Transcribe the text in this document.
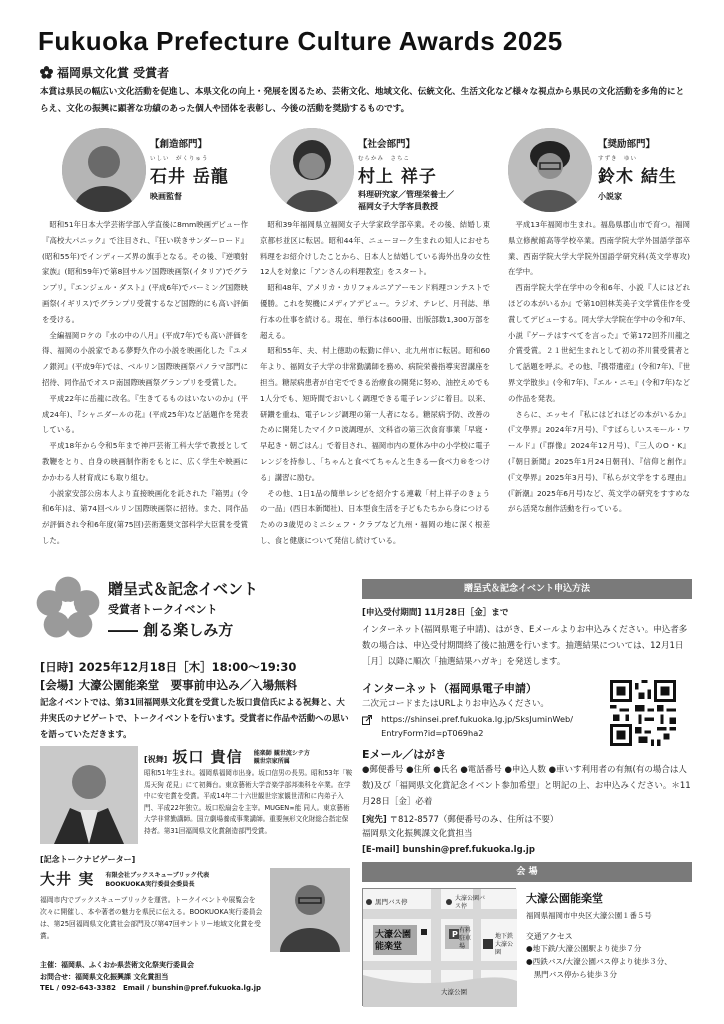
Fukuoka Prefecture Culture Awards 2025
福岡県文化賞 受賞者
本賞は県民の幅広い文化活動を促進し、本県文化の向上・発展を図るため、芸術文化、地域文化、伝統文化、生活文化など様々な視点から県民の文化活動を多角的にとらえ、文化の振興に顕著な功績のあった個人や団体を表彰し、今後の活動を奨励するものです。
【創造部門】
いしい　がくりゅう
石井 岳龍
映画監督

昭和51年日本大学芸術学部入学直後に8mm映画デビュー作『高校大パニック』で注目され、『狂い咲きサンダーロード』(昭和55年)でインディーズ界の旗手となる。その後、『逆噴射家族』(昭和59年)で第8回サルソ国際映画祭(イタリア)でグランプリ。『エンジェル・ダスト』(平成6年)でバーミング国際映画祭(イギリス)でグランプリ受賞するなど国際的にも高い評価を受ける。

全編福岡ロケの『水の中の八月』(平成7年)でも高い評価を得、福岡の小説家である夢野久作の小説を映画化した『ユメノ銀河』(平成9年)では、ベルリン国際映画祭パノラマ部門に招待、同作品でオスロ南国際映画祭グランプリを受賞した。

平成22年に岳龍に改名。『生きてるものはいないのか』(平成24年)、『シャニダールの花』(平成25年)など話題作を発表している。

平成18年から令和5年まで神戸芸術工科大学で教授として教鞭をとり、自身の映画制作術をもとに、広く学生や映画にかかわる人材育成にも取り組む。

小説家安部公房本人より直接映画化を託された『箱男』(令和6年)は、第74回ベルリン国際映画祭に招待。また、同作品が評価され令和6年度(第75回)芸術選奨文部科学大臣賞を受賞した。

【社会部門】
むらかみ　さちこ
村上 祥子
料理研究家／管理栄養士／
福岡女子大学客員教授

昭和39年福岡県立福岡女子大学家政学部卒業。その後、結婚し東京都杉並区に転居。昭和44年、ニューヨーク生まれの知人におせち料理をお紹介けしたことから、日本人と結婚している海外出身の女性12人を対象に「アンさんの料理教室」をスタート。

昭和48年、アメリカ・カリフォルニアアーモンド料理コンテストで優勝。これを契機にメディアデビュー。ラジオ、テレビ、月刊誌、単行本の仕事を続ける。現在、単行本は600冊、出版部数1,300万部を超える。

昭和55年、夫、村上徳助の転勤に伴い、北九州市に転居。昭和60年より、福岡女子大学の非常勤講師を務め、病院栄養指導実習講座を担当。糖尿病患者が自宅でできる治療食の開発に努め、油控えめでも1人分でも、短時間でおいしく調理できる電子レンジに着目。以来、研鑽を重ね、電子レンジ調理の第一人者になる。糖尿病予防、改善のために開発したマイクロ波調理が、文科省の第三次食育事業「早寝・早起き・朝ごはん」で着目され、福岡市内の夏休み中の小学校に電子レンジを持参し、「ちゃんと食べてちゃんと生きる―食べ力®をつける」講習に励む。

その他、1日1品の簡単レシピを紹介する連載「村上祥子のきょうの一品」(西日本新聞社)、日本型食生活を子どもたちから身につけるための3歳児のミニシェフ・クラブなど九州・福岡の地に深く根差し、食と健康について発信し続けている。

【奨励部門】
すずき　ゆい
鈴木 結生
小説家

平成13年福岡市生まれ。福島県郡山市で育つ。福岡県立修猷館高等学校卒業。西南学院大学外国語学部卒業、西南学院大学大学院外国語学研究科(英文学専攻)在学中。

西南学院大学在学中の令和6年、小説『人にはどれほどの本がいるか』で第10回林芙美子文学賞佳作を受賞してデビューする。同大学大学院在学中の令和7年、小説『ゲーテはすべてを言った』で第172回芥川龍之介賞受賞。２１世紀生まれとして初の芥川賞受賞者として話題を呼ぶ。その他、『携帯遺産』(令和7年)、『世界文学散歩』(令和7年)、『エル・ニモ』(令和7年)などの作品を発表。

さらに、エッセイ『私にはどれほどの本がいるか』(『文學界』2024年7月号)、『すばらしいスモール・ワールド』(『群像』2024年12月号)、『三人のO・K』(『朝日新聞』2025年1月24日朝刊)、『信仰と創作』(『文學界』2025年3月号)、『私らが文学をする理由』(『新潮』2025年6月号)など、英文学の研究をすすめながら活発な創作活動を行っている。

贈呈式＆記念イベント
受賞者トークイベント
―― 創る楽しみ方
[日時] 2025年12月18日［木］18:00～19:30
[会場] 大濠公園能楽堂　要事前申込み／入場無料
記念イベントでは、第31回福岡県文化賞を受賞した坂口貴信氏による祝舞と、大井実氏のナビゲートで、トークイベントを行います。受賞者に作品や活動への思いを語っていただきます。
[祝舞] 坂口 貴信 能楽師 観世流シテ方
観世宗家所属
昭和51年生まれ。福岡県福岡市出身。坂口信男の長男。昭和53年「鞍馬天狗 花見」にて初舞台。東京藝術大学音楽学部邦楽科を卒業。在学中に安宅賞を受賞。平成14年二十六世観世宗家観世清和に内弟子入門、平成22年独立。坂口松扇会を主宰。MUGEN∞能 同人。東京藝術大学非常勤講師。国立劇場養成事業講師。重要無形文化財総合指定保持者。第31回福岡県文化賞創造部門受賞。
[記念トークナビゲーター]
大井 実 有限会社ブックスキューブリック代表
BOOKUOKA実行委員会委員長
福岡市内でブックスキューブリックを運営。トークイベントや展覧会を次々に開催し、本や著者の魅力を県民に伝える。BOOKUOKA実行委員会は、第25回福岡県文化賞社会部門及び第47回サントリー地域文化賞を受賞。
主催：福岡県、ふくおか県芸術文化祭実行委員会
お問合せ：福岡県文化振興課 文化賞担当
TEL / 092-643-3382　Email / bunshin@pref.fukuoka.lg.jp
贈呈式＆記念イベント申込方法
[申込受付期間] 11月28日［金］まで
インターネット(福岡県電子申請)、はがき、Eメールよりお申込みください。申込者多数の場合は、申込受付期間終了後に抽選を行います。抽選結果については、12月1日［月］以降に順次「抽選結果ハガキ」を発送します。
インターネット（福岡県電子申請）
二次元コードまたはURLよりお申込みください。
https://shinsei.pref.fukuoka.lg.jp/SksJuminWeb/
EntryForm?id=pT069ha2
Eメール／はがき
●郵便番号 ●住所 ●氏名 ●電話番号 ●申込人数 ●車いす利用者の有無(有の場合は人数)及び「福岡県文化賞記念イベント参加希望」と明記の上、お申込みください。＊11月28日［金］必着
[宛先] 〒812-8577（郵便番号のみ、住所は不要）
福岡県文化振興課文化賞担当
[E-mail] bunshin@pref.fukuoka.lg.jp
会 場
P
黒門バス停	大濠公園バス停
有料駐車場
地下鉄大濠公園
大濠公園能楽堂
大濠公園
大濠公園能楽堂
福岡県福岡市中央区大濠公園１番５号
交通アクセス
●地下鉄/大濠公園駅より徒歩７分
●西鉄バス/大濠公園バス停より徒歩３分、
黒門バス停から徒歩３分
